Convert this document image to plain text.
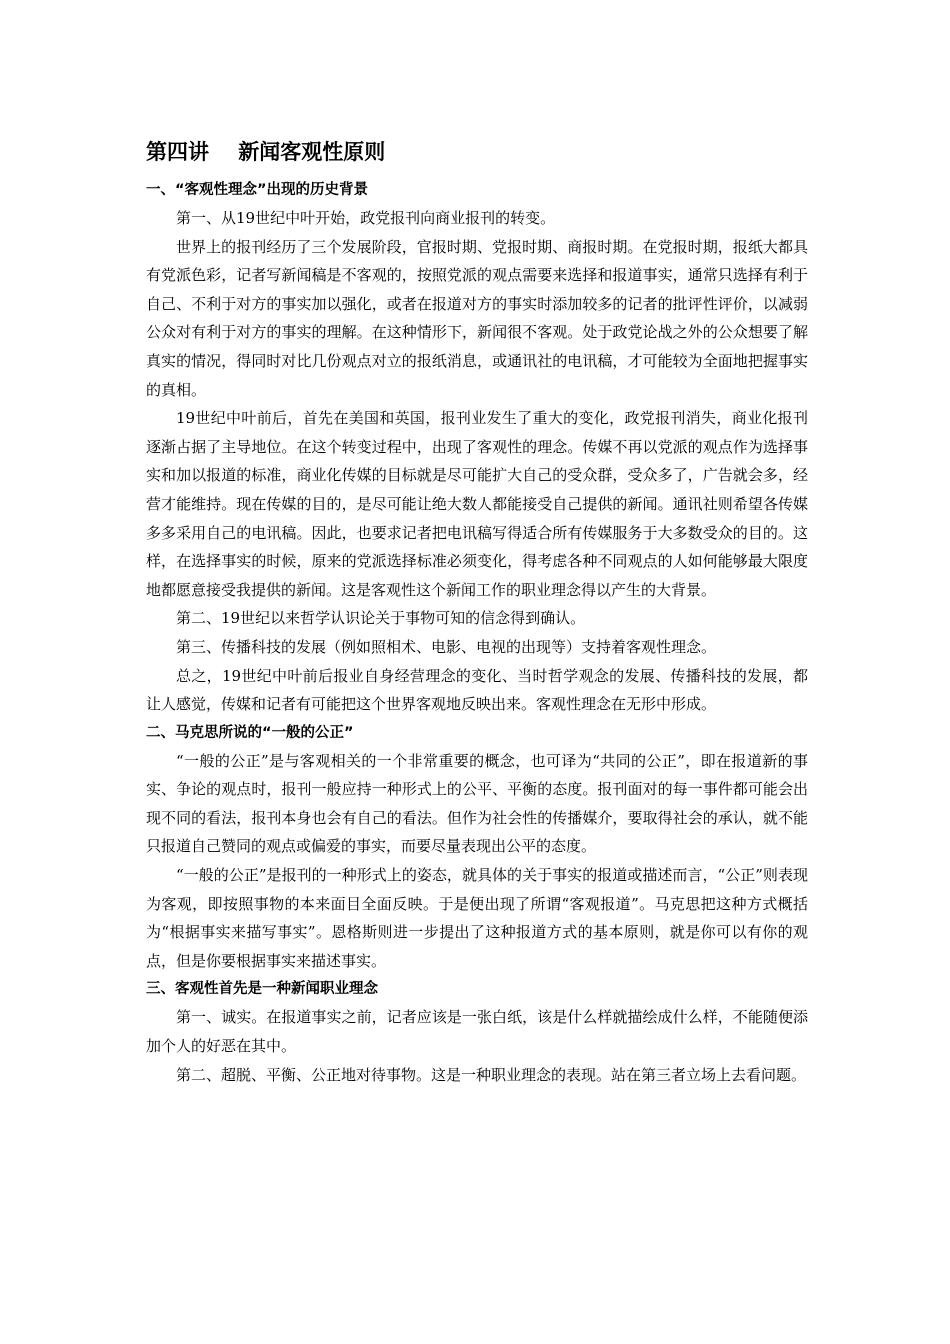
第四讲    新闻客观性原则
一、“客观性理念”出现的历史背景

第一、从19世纪中叶开始，政党报刊向商业报刊的转变。

世界上的报刊经历了三个发展阶段，官报时期、党报时期、商报时期。在党报时期，报纸大都具有党派色彩，记者写新闻稿是不客观的，按照党派的观点需要来选择和报道事实，通常只选择有利于自己、不利于对方的事实加以强化，或者在报道对方的事实时添加较多的记者的批评性评价，以减弱公众对有利于对方的事实的理解。在这种情形下，新闻很不客观。处于政党论战之外的公众想要了解真实的情况，得同时对比几份观点对立的报纸消息，或通讯社的电讯稿，才可能较为全面地把握事实的真相。

19世纪中叶前后，首先在美国和英国，报刊业发生了重大的变化，政党报刊消失，商业化报刊逐渐占据了主导地位。在这个转变过程中，出现了客观性的理念。传媒不再以党派的观点作为选择事实和加以报道的标准，商业化传媒的目标就是尽可能扩大自己的受众群，受众多了，广告就会多，经营才能维持。现在传媒的目的，是尽可能让绝大数人都能接受自己提供的新闻。通讯社则希望各传媒多多采用自己的电讯稿。因此，也要求记者把电讯稿写得适合所有传媒服务于大多数受众的目的。这样，在选择事实的时候，原来的党派选择标准必须变化，得考虑各种不同观点的人如何能够最大限度地都愿意接受我提供的新闻。这是客观性这个新闻工作的职业理念得以产生的大背景。

第二、19世纪以来哲学认识论关于事物可知的信念得到确认。

第三、传播科技的发展（例如照相术、电影、电视的出现等）支持着客观性理念。

总之，19世纪中叶前后报业自身经营理念的变化、当时哲学观念的发展、传播科技的发展，都让人感觉，传媒和记者有可能把这个世界客观地反映出来。客观性理念在无形中形成。

二、马克思所说的“一般的公正”

“一般的公正”是与客观相关的一个非常重要的概念，也可译为“共同的公正”，即在报道新的事实、争论的观点时，报刊一般应持一种形式上的公平、平衡的态度。报刊面对的每一事件都可能会出现不同的看法，报刊本身也会有自己的看法。但作为社会性的传播媒介，要取得社会的承认，就不能只报道自己赞同的观点或偏爱的事实，而要尽量表现出公平的态度。

“一般的公正”是报刊的一种形式上的姿态，就具体的关于事实的报道或描述而言，“公正”则表现为客观，即按照事物的本来面目全面反映。于是便出现了所谓“客观报道”。马克思把这种方式概括为“根据事实来描写事实”。恩格斯则进一步提出了这种报道方式的基本原则，就是你可以有你的观点，但是你要根据事实来描述事实。

三、客观性首先是一种新闻职业理念

第一、诚实。在报道事实之前，记者应该是一张白纸，该是什么样就描绘成什么样，不能随便添加个人的好恶在其中。

第二、超脱、平衡、公正地对待事物。这是一种职业理念的表现。站在第三者立场上去看问题。
